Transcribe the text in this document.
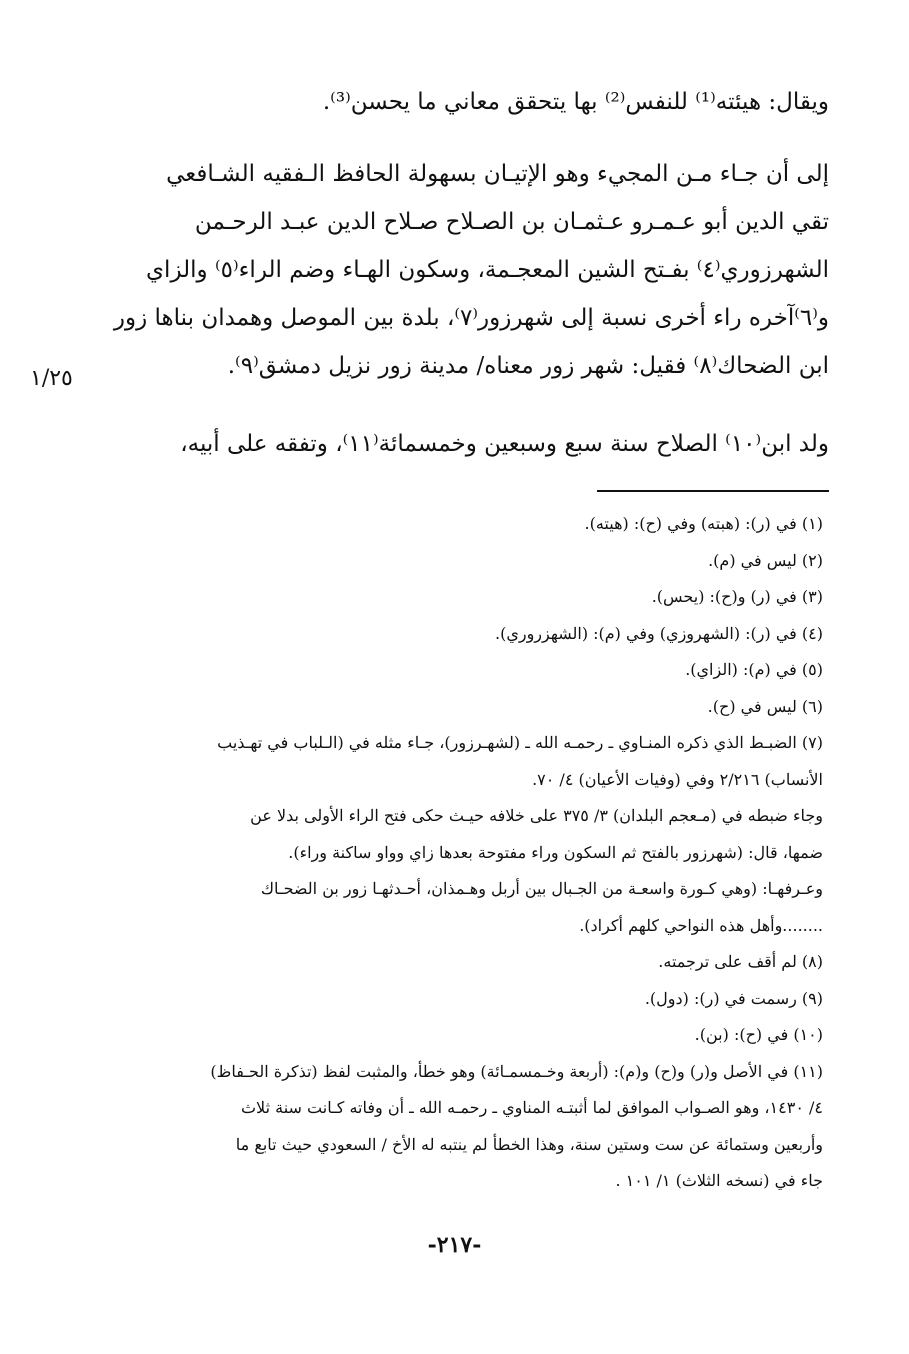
ويقال: هيئته⁽¹⁾ للنفس⁽²⁾ بها يتحقق معاني ما يحسن⁽³⁾.
إلى أن جـاء مـن المجيء وهو الإتيـان بسهولة الحافظ الـفقيه الشـافعي
تقي الدين أبو عـمـرو عـثمـان بن الصـلاح صـلاح الدين عبـد الرحـمن
الشهرزوري⁽٤⁾ بفـتح الشين المعجـمة، وسكون الهـاء وضم الراء⁽٥⁾ والزاي
و⁽٦⁾آخره راء أخرى نسبة إلى شهرزور⁽٧⁾، بلدة بين الموصل وهمدان بناها زور
ابن الضحاك⁽٨⁾ فقيل: شهر زور معناه/ مدينة زور نزيل دمشق⁽٩⁾.
١/٢٥
ولد ابن⁽١٠⁾ الصلاح سنة سبع وسبعين وخمسمائة⁽١١⁾، وتفقه على أبيه،
(١) في (ر): (هبته) وفي (ح): (هيته).
(٢) ليس في (م).
(٣) في (ر) و(ح): (يحس).
(٤) في (ر): (الشهروزي) وفي (م): (الشهزروري).
(٥) في (م): (الزاي).
(٦) ليس في (ح).
(٧) الضبـط الذي ذكره المنـاوي ـ رحمـه الله ـ (لشهـرزور)، جـاء مثله في (الـلباب في تهـذيب
الأنساب) ٢/٢١٦ وفي (وفيات الأعيان) ٤/ ٧٠.
وجاء ضبطه في (مـعجم البلدان) ٣/ ٣٧٥ على خلافه حيـث حكى فتح الراء الأولى بدلا عن
ضمها، قال: (شهرزور بالفتح ثم السكون وراء مفتوحة بعدها زاي وواو ساكنة وراء).
وعـرفهـا: (وهي كـورة واسعـة من الجـبال بين أربل وهـمذان، أحـدثهـا زور بن الضحـاك
........وأهل هذه النواحي كلهم أكراد).
(٨) لم أقف على ترجمته.
(٩) رسمت في (ر): (دول).
(١٠) في (ح): (بن).
(١١) في الأصل و(ر) و(ح) و(م): (أربعة وخـمسمـائة) وهو خطأ، والمثبت لفظ (تذكرة الحـفاظ)
٤/ ١٤٣٠، وهو الصـواب الموافق لما أثبتـه المناوي ـ رحمـه الله ـ أن وفاته كـانت سنة ثلاث
وأربعين وستمائة عن ست وستين سنة، وهذا الخطأ لم ينتبه له الأخ / السعودي حيث تابع ما
جاء في (نسخه الثلاث) ١/ ١٠١ .
-٢١٧-
